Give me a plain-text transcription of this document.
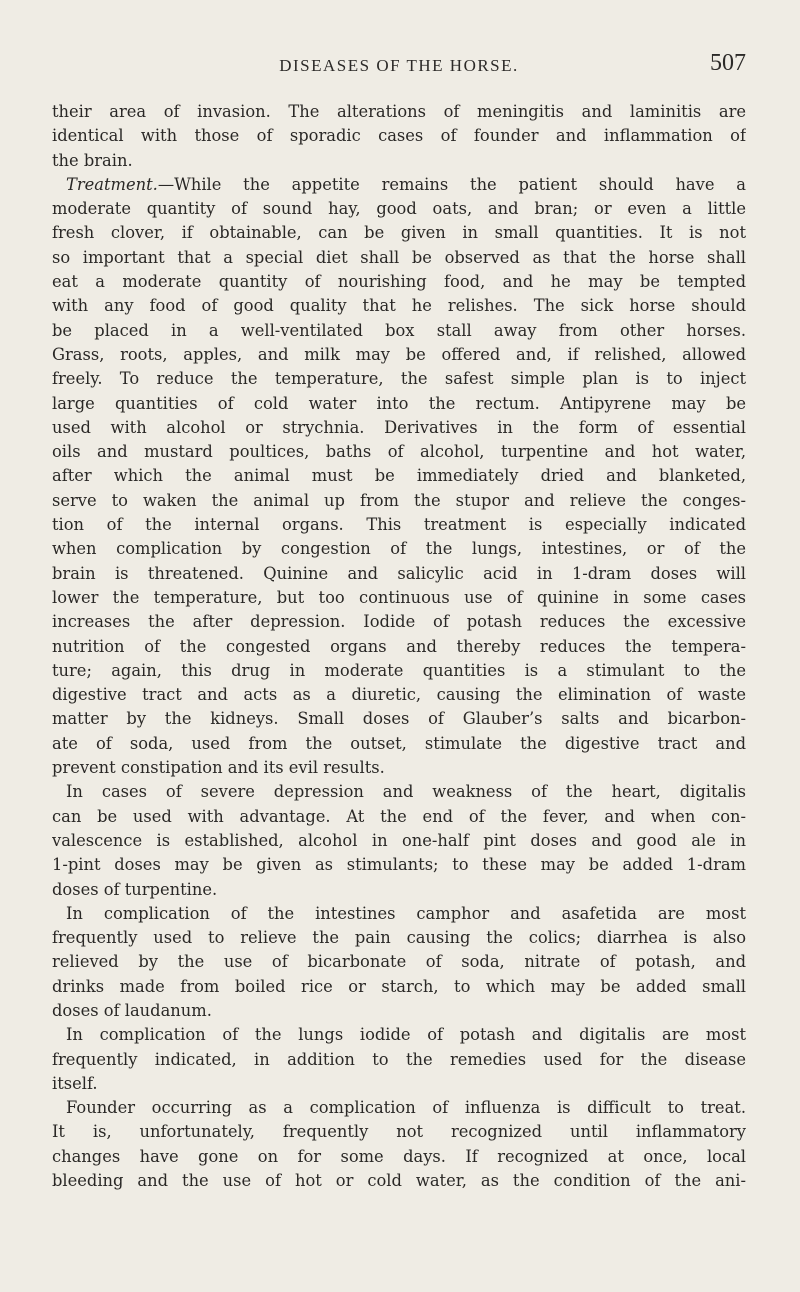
DISEASES OF THE HORSE.	507
their area of invasion. The alterations of meningitis and laminitis are
identical with those of sporadic cases of founder and inflammation of
the brain.
Treatment.—While the appetite remains the patient should have a
moderate quantity of sound hay, good oats, and bran; or even a little
fresh clover, if obtainable, can be given in small quantities. It is not
so important that a special diet shall be observed as that the horse shall
eat a moderate quantity of nourishing food, and he may be tempted
with any food of good quality that he relishes. The sick horse should
be placed in a well-ventilated box stall away from other horses.
Grass, roots, apples, and milk may be offered and, if relished, allowed
freely. To reduce the temperature, the safest simple plan is to inject
large quantities of cold water into the rectum. Antipyrene may be
used with alcohol or strychnia. Derivatives in the form of essential
oils and mustard poultices, baths of alcohol, turpentine and hot water,
after which the animal must be immediately dried and blanketed,
serve to waken the animal up from the stupor and relieve the conges-
tion of the internal organs. This treatment is especially indicated
when complication by congestion of the lungs, intestines, or of the
brain is threatened. Quinine and salicylic acid in 1-dram doses will
lower the temperature, but too continuous use of quinine in some cases
increases the after depression. Iodide of potash reduces the excessive
nutrition of the congested organs and thereby reduces the tempera-
ture; again, this drug in moderate quantities is a stimulant to the
digestive tract and acts as a diuretic, causing the elimination of waste
matter by the kidneys. Small doses of Glauber’s salts and bicarbon-
ate of soda, used from the outset, stimulate the digestive tract and
prevent constipation and its evil results.
In cases of severe depression and weakness of the heart, digitalis
can be used with advantage. At the end of the fever, and when con-
valescence is established, alcohol in one-half pint doses and good ale in
1-pint doses may be given as stimulants; to these may be added 1-dram
doses of turpentine.
In complication of the intestines camphor and asafetida are most
frequently used to relieve the pain causing the colics; diarrhea is also
relieved by the use of bicarbonate of soda, nitrate of potash, and
drinks made from boiled rice or starch, to which may be added small
doses of laudanum.
In complication of the lungs iodide of potash and digitalis are most
frequently indicated, in addition to the remedies used for the disease
itself.
Founder occurring as a complication of influenza is difficult to treat.
It is, unfortunately, frequently not recognized until inflammatory
changes have gone on for some days. If recognized at once, local
bleeding and the use of hot or cold water, as the condition of the ani-
